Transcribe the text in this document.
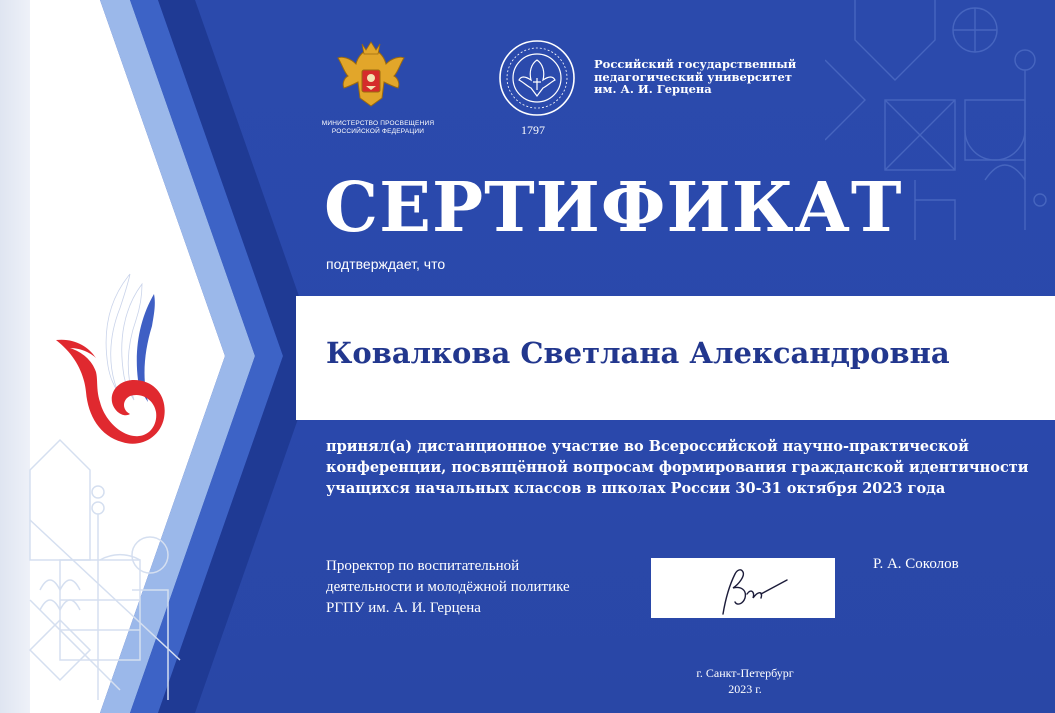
МИНИСТЕРСТВО ПРОСВЕЩЕНИЯ
РОССИЙСКОЙ ФЕДЕРАЦИИ	1797
Российский государственный
педагогический университет
им. А. И. Герцена
СЕРТИФИКАТ
подтверждает, что
Ковалкова Светлана Александровна
принял(а) дистанционное участие во Всероссийской научно-практической
конференции, посвящённой вопросам формирования гражданской идентичности
учащихся начальных классов в школах России 30-31 октября 2023 года
Проректор по воспитательной
деятельности и молодёжной политике
РГПУ им. А. И. Герцена
Р. А. Соколов
г. Санкт-Петербург
2023 г.
